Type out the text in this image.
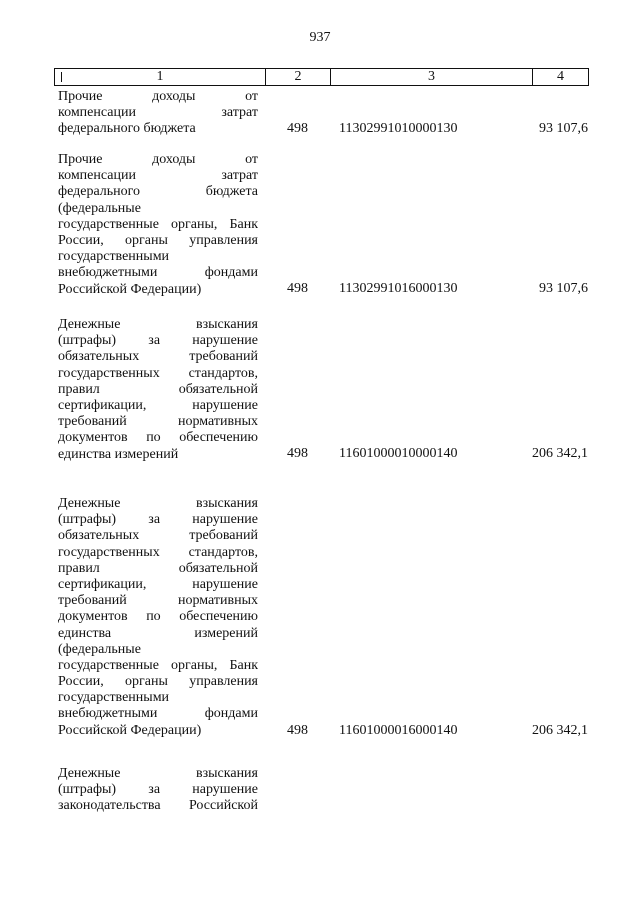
937
1	2	3	4
Прочие доходы от
компенсации затрат
федерального бюджета	498 11302991010000130	93 107,6
Прочие доходы от
компенсации затрат
федерального бюджета
(федеральные
государственные органы, Банк
России, органы управления
государственными
внебюджетными фондами
Российской Федерации)	498 11302991016000130	93 107,6
Денежные взыскания
(штрафы) за нарушение
обязательных требований
государственных стандартов,
правил обязательной
сертификации, нарушение
требований нормативных
документов по обеспечению
единства измерений	498 11601000010000140	206 342,1
Денежные взыскания
(штрафы) за нарушение
обязательных требований
государственных стандартов,
правил обязательной
сертификации, нарушение
требований нормативных
документов по обеспечению
единства измерений
(федеральные
государственные органы, Банк
России, органы управления
государственными
внебюджетными фондами
Российской Федерации)	498 11601000016000140	206 342,1
Денежные взыскания
(штрафы) за нарушение
законодательства Российской
